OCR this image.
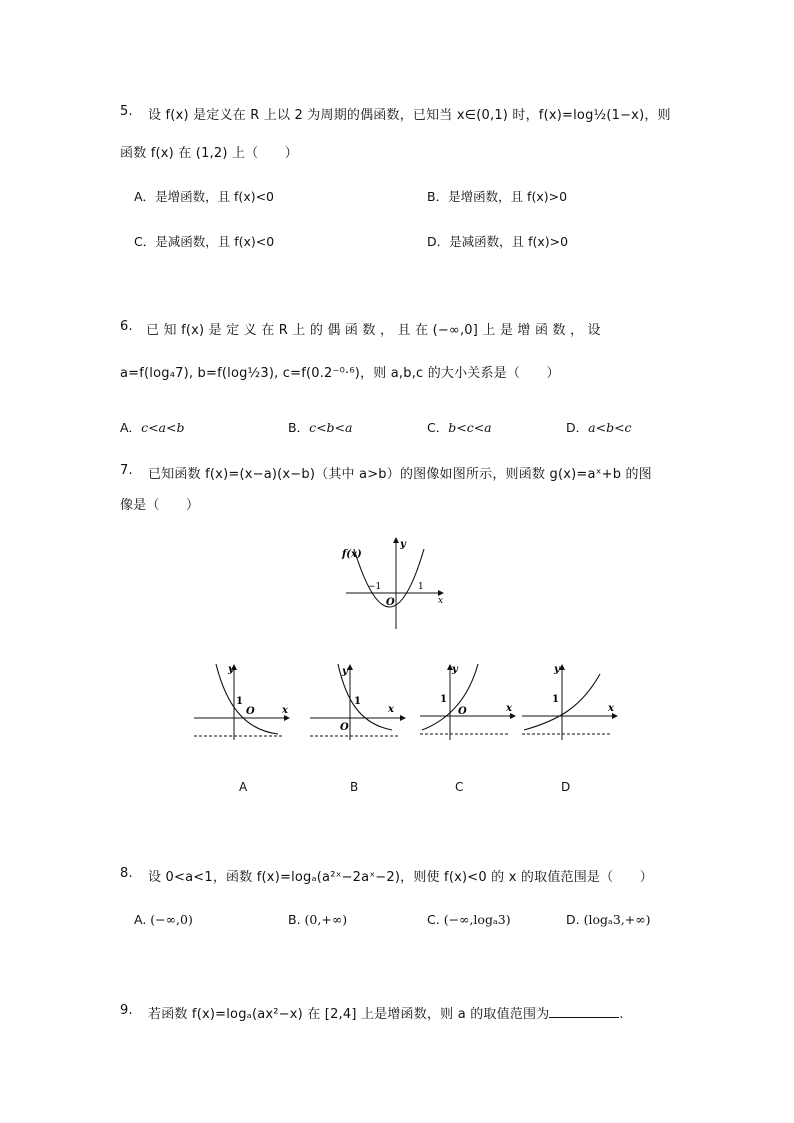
5. 设 f(x) 是定义在 R 上以 2 为周期的偶函数，已知当 x∈(0,1) 时，f(x)=log½(1−x)，则
函数 f(x) 在 (1,2) 上（　　）
A．是增函数，且 f(x)<0	B．是增函数，且 f(x)>0
C．是减函数，且 f(x)<0	D．是减函数，且 f(x)>0
6. 已 知 f(x) 是 定 义 在 R 上 的 偶 函 数 ， 且 在 (−∞,0] 上 是 增 函 数 ， 设
a=f(log₄7), b=f(log½3), c=f(0.2⁻⁰·⁶)，则 a,b,c 的大小关系是（　　）
A．c<a<b	B．c<b<a	C．b<c<a	D．a<b<c
7. 已知函数 f(x)=(x−a)(x−b)（其中 a>b）的图像如图所示，则函数 g(x)=aˣ+b 的图
像是（　　）
f(x)
y
x
−1	1
O
y
x
1
O
y
x
1
O
y
x
1
O
y
x
1
A	B	C	D
8. 设 0<a<1，函数 f(x)=logₐ(a²ˣ−2aˣ−2)，则使 f(x)<0 的 x 的取值范围是（　　）
A. (−∞,0)	B. (0,+∞)	C. (−∞,logₐ3)	D. (logₐ3,+∞)
9. 若函数 f(x)=logₐ(ax²−x) 在 [2,4] 上是增函数，则 a 的取值范围为	.
